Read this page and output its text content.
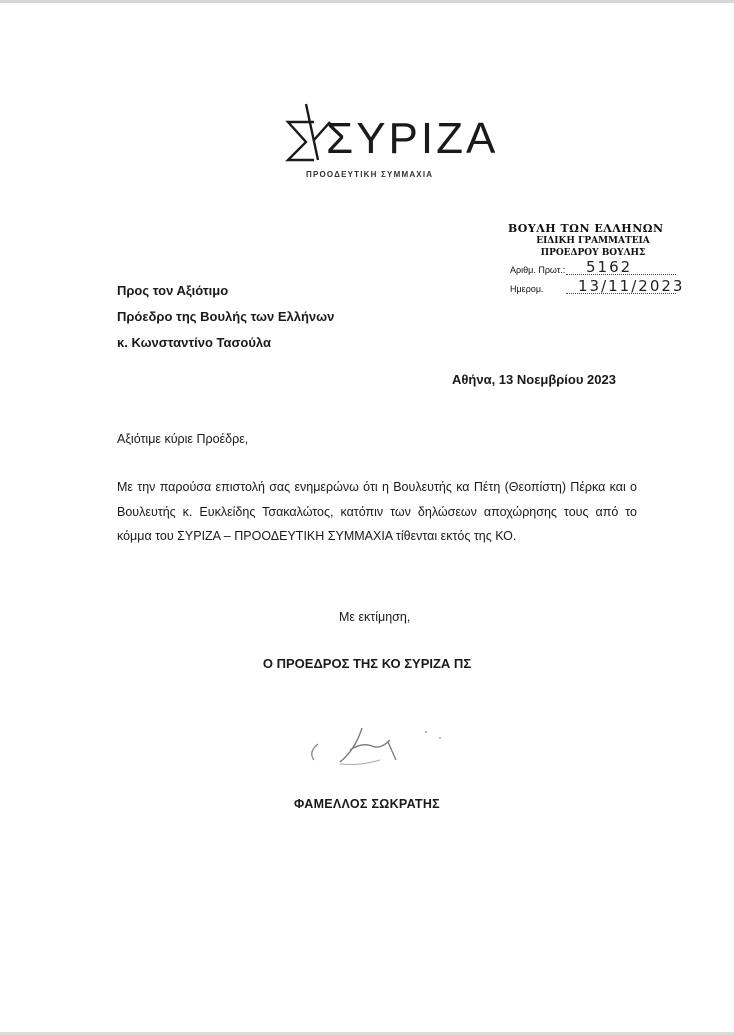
ΣΥΡΙΖΑ
ΠΡΟΟΔΕΥΤΙΚΗ ΣΥΜΜΑΧΙΑ
ΒΟΥΛΗ ΤΩΝ ΕΛΛΗΝΩΝ
ΕΙΔΙΚΗ ΓΡΑΜΜΑΤΕΙΑ
ΠΡΟΕΔΡΟΥ ΒΟΥΛΗΣ
Αριθμ. Πρωτ.: 5162
Ημερομ. 13/11/2023
Προς τον Αξιότιμο
Πρόεδρο της Βουλής των Ελλήνων
κ. Κωνσταντίνο Τασούλα
Αθήνα, 13 Νοεμβρίου 2023
Αξιότιμε κύριε Προέδρε,
Με την παρούσα επιστολή σας ενημερώνω ότι η Βουλευτής κα Πέτη (Θεοπίστη) Πέρκα και ο Βουλευτής κ. Ευκλείδης Τσακαλώτος, κατόπιν των δηλώσεων αποχώρησης τους από το κόμμα του ΣΥΡΙΖΑ – ΠΡΟΟΔΕΥΤΙΚΗ ΣΥΜΜΑΧΙΑ τίθενται εκτός της ΚΟ.
Με εκτίμηση,
Ο ΠΡΟΕΔΡΟΣ ΤΗΣ ΚΟ ΣΥΡΙΖΑ ΠΣ
ΦΑΜΕΛΛΟΣ ΣΩΚΡΑΤΗΣ
